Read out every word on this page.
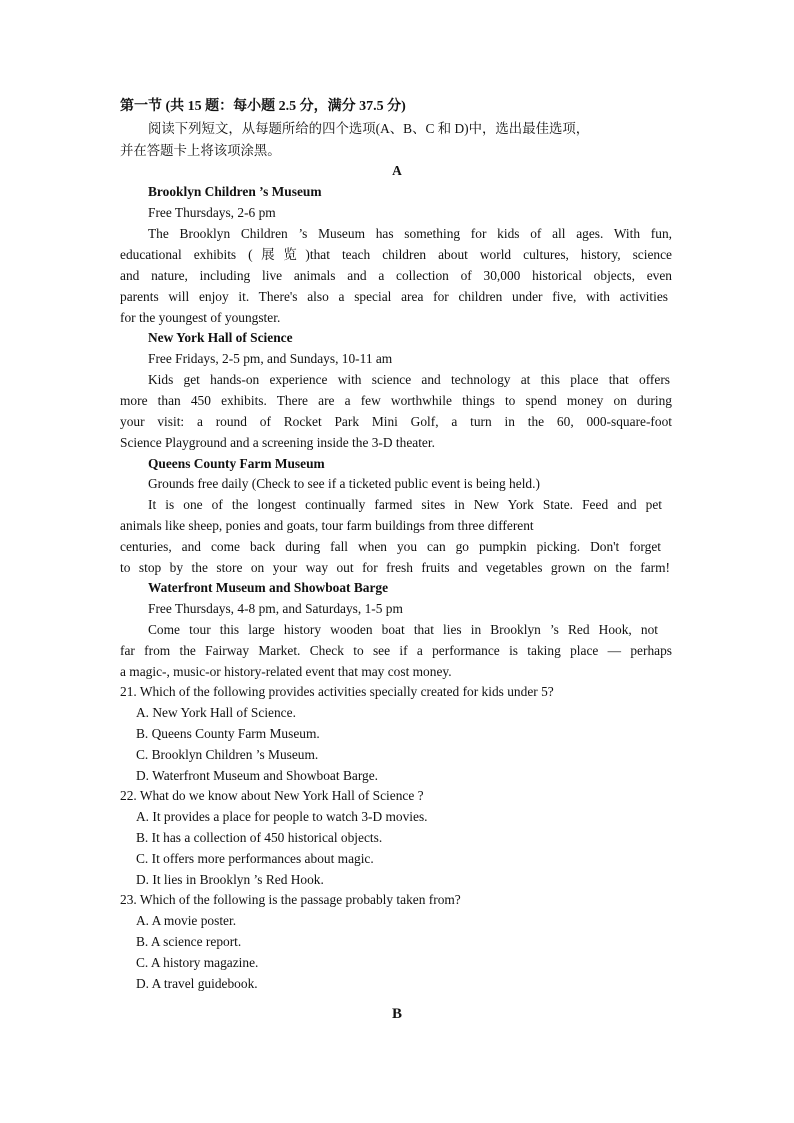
第一节 (共 15 题：每小题 2.5 分，满分 37.5 分)
阅读下列短文，从每题所给的四个选项(A、B、C 和 D)中，选出最佳选项，
并在答题卡上将该项涂黑。
A
Brooklyn Children ’s Museum
Free Thursdays, 2-6 pm
The Brooklyn Children ’s Museum has something for kids of all ages. With fun,
educational exhibits (展览)that teach children about world cultures, history, science
and nature, including live animals and a collection of 30,000 historical objects, even
parents will enjoy it. There's also a special area for children under five, with activities
for the youngest of youngster.
New York Hall of Science
Free Fridays, 2-5 pm, and Sundays, 10-11 am
Kids get hands-on experience with science and technology at this place that offers
more than 450 exhibits. There are a few worthwhile things to spend money on during
your visit: a round of Rocket Park Mini Golf, a turn in the 60, 000-square-foot
Science Playground and a screening inside the 3-D theater.
Queens County Farm Museum
Grounds free daily (Check to see if a ticketed public event is being held.)
It is one of the longest continually farmed sites in New York State. Feed and pet
animals like sheep, ponies and goats, tour farm buildings from three different
centuries, and come back during fall when you can go pumpkin picking. Don't forget
to stop by the store on your way out for fresh fruits and vegetables grown on the farm!
Waterfront Museum and Showboat Barge
Free Thursdays, 4-8 pm, and Saturdays, 1-5 pm
Come tour this large history wooden boat that lies in Brooklyn ’s Red Hook, not
far from the Fairway Market. Check to see if a performance is taking place — perhaps
a magic-, music-or history-related event that may cost money.
21. Which of the following provides activities specially created for kids under 5?
A. New York Hall of Science.
B. Queens County Farm Museum.
C. Brooklyn Children ’s Museum.
D. Waterfront Museum and Showboat Barge.
22. What do we know about New York Hall of Science ?
A. It provides a place for people to watch 3-D movies.
B. It has a collection of 450 historical objects.
C. It offers more performances about magic.
D. It lies in Brooklyn ’s Red Hook.
23. Which of the following is the passage probably taken from?
A. A movie poster.
B. A science report.
C. A history magazine.
D. A travel guidebook.
B
